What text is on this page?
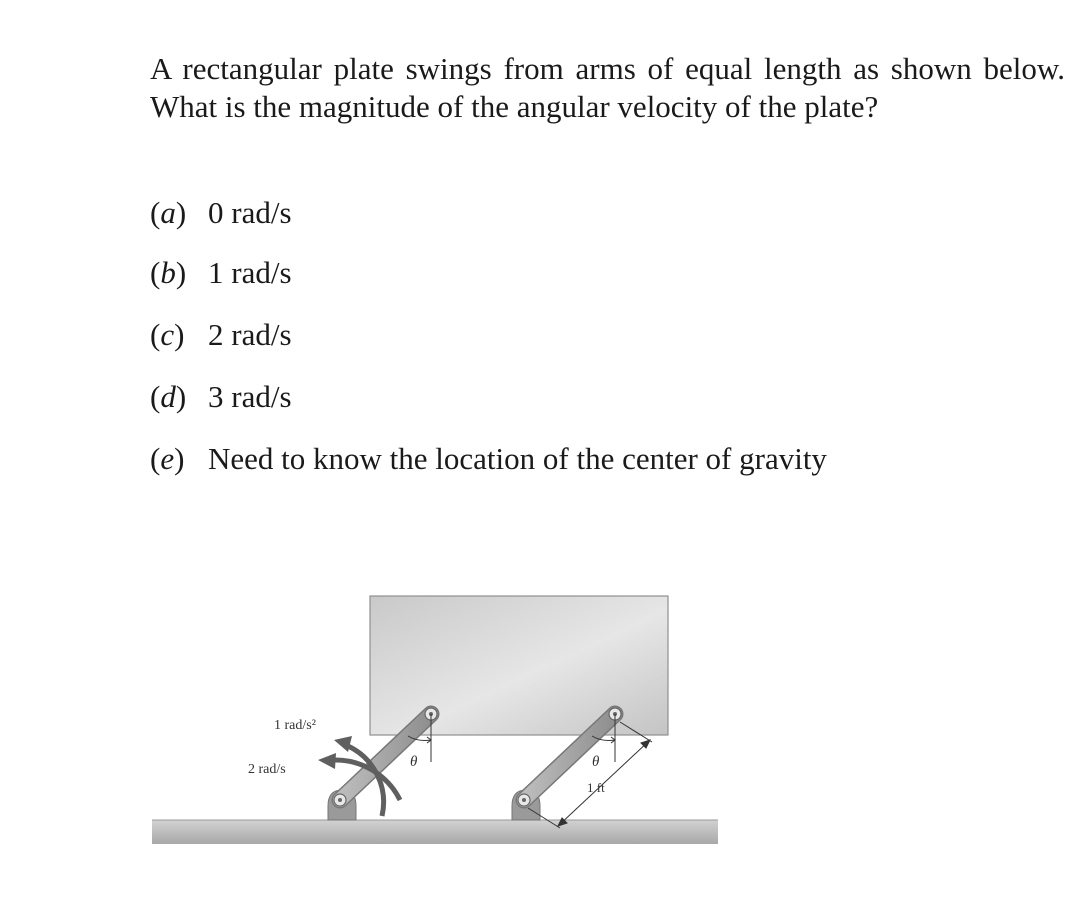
A rectangular plate swings from arms of equal length as shown below. What is the magnitude of the angular velocity of the plate?
(a) 0 rad/s
(b) 1 rad/s
(c) 2 rad/s
(d) 3 rad/s
(e) Need to know the location of the center of gravity
θ	θ
1 ft
1 rad/s²
2 rad/s
